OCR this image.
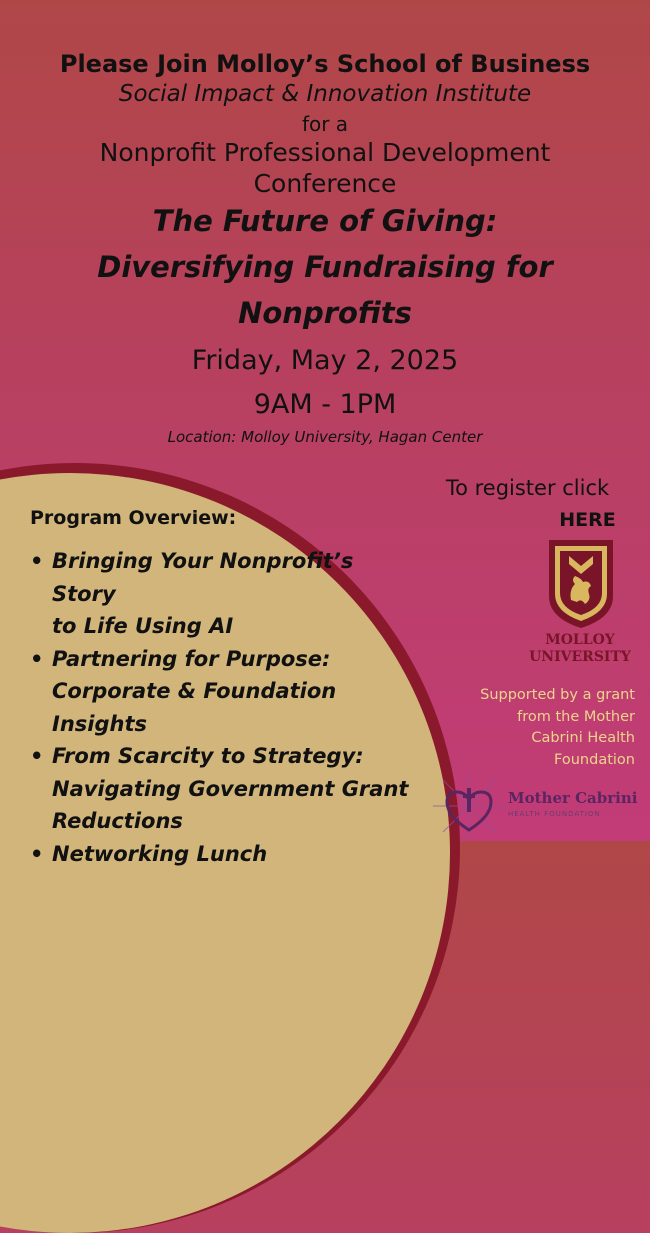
Please Join Molloy’s School of Business
Social Impact & Innovation Institute
for a
Nonprofit Professional Development
Conference
The Future of Giving:
Diversifying Fundraising for
Nonprofits
Friday, May 2, 2025
9AM - 1PM
Location: Molloy University, Hagan Center
Program Overview:
• Bringing Your Nonprofit’s Story
to Life Using AI
• Partnering for Purpose:
Corporate & Foundation
Insights
• From Scarcity to Strategy:
Navigating Government Grant
Reductions
• Networking Lunch
To register click
HERE
MOLLOY
UNIVERSITY
Supported by a grant
from the Mother
Cabrini Health
Foundation
Mother Cabrini
HEALTH FOUNDATION
